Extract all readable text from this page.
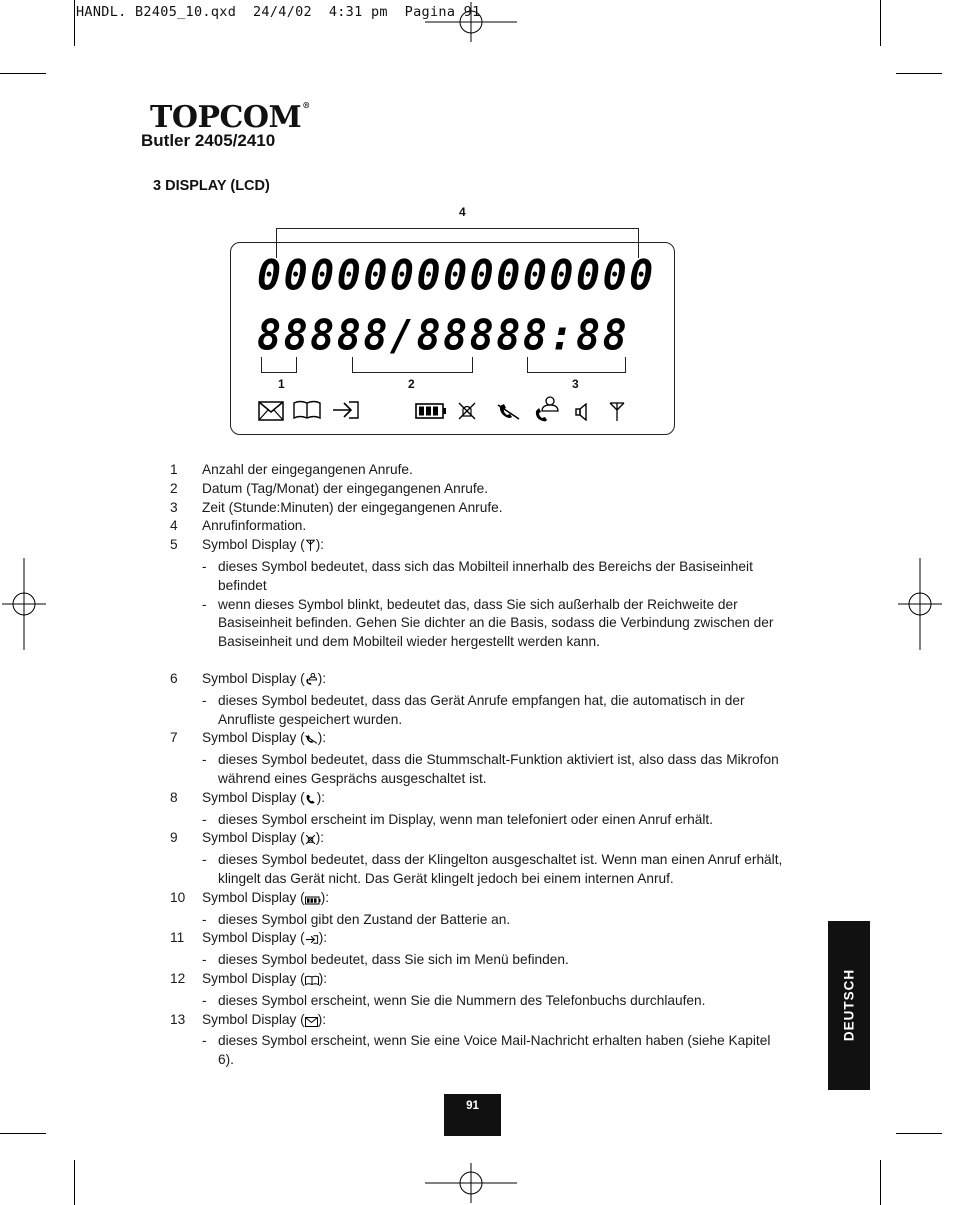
HANDL. B2405_10.qxd  24/4/02  4:31 pm  Pagina 91
TOPCOM®
Butler 2405/2410
3 DISPLAY (LCD)
4
000000000000000
88888/88888:88
1	2	3
1 Anzahl der eingegangenen Anrufe.
2 Datum (Tag/Monat) der eingegangenen Anrufe.
3 Zeit (Stunde:Minuten) der eingegangenen Anrufe.
4 Anrufinformation.
5 Symbol Display ( ):
- dieses Symbol bedeutet, dass sich das Mobilteil innerhalb des Bereichs der Basiseinheit befindet
- wenn dieses Symbol blinkt, bedeutet das, dass Sie sich außerhalb der Reichweite der Basiseinheit befinden. Gehen Sie dichter an die Basis, sodass die Verbindung zwischen der Basiseinheit und dem Mobilteil wieder hergestellt werden kann.
6 Symbol Display ( ):
- dieses Symbol bedeutet, dass das Gerät Anrufe empfangen hat, die automatisch in der Anrufliste gespeichert wurden.
7 Symbol Display ( ):
- dieses Symbol bedeutet, dass die Stummschalt-Funktion aktiviert ist, also dass das Mikrofon während eines Gesprächs ausgeschaltet ist.
8 Symbol Display ( ):
- dieses Symbol erscheint im Display, wenn man telefoniert oder einen Anruf erhält.
9 Symbol Display ( ):
- dieses Symbol bedeutet, dass der Klingelton ausgeschaltet ist. Wenn man einen Anruf erhält, klingelt das Gerät nicht. Das Gerät klingelt jedoch bei einem internen Anruf.
10 Symbol Display ( ):
- dieses Symbol gibt den Zustand der Batterie an.
11 Symbol Display ( ):
- dieses Symbol bedeutet, dass Sie sich im Menü befinden.
12 Symbol Display ( ):
- dieses Symbol erscheint, wenn Sie die Nummern des Telefonbuchs durchlaufen.
13 Symbol Display ( ):
- dieses Symbol erscheint, wenn Sie eine Voice Mail-Nachricht erhalten haben (siehe Kapitel 6).
DEUTSCH
91
